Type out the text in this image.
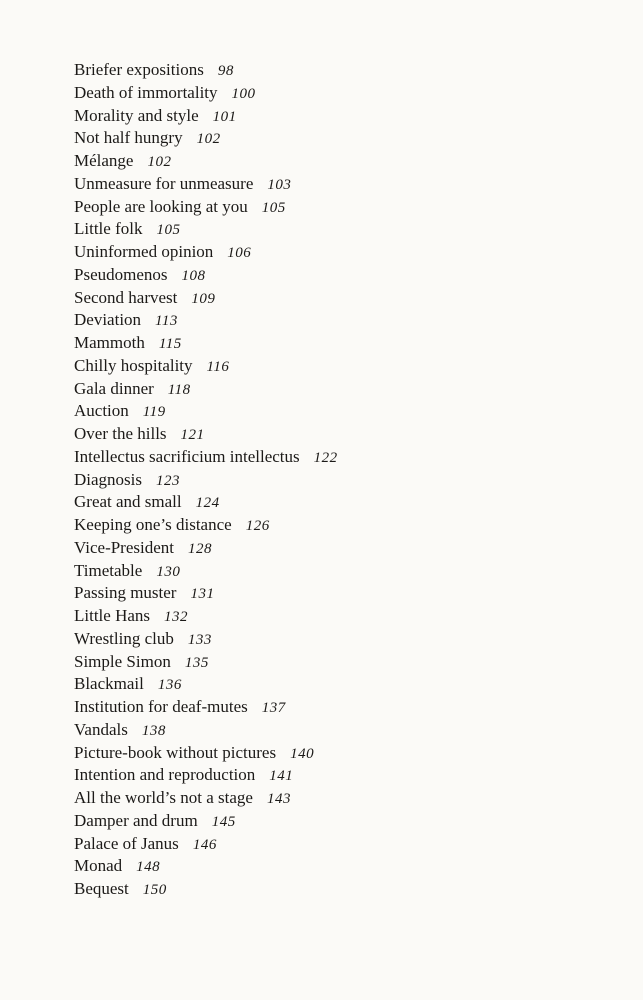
Briefer expositions 98
Death of immortality 100
Morality and style 101
Not half hungry 102
Mélange 102
Unmeasure for unmeasure 103
People are looking at you 105
Little folk 105
Uninformed opinion 106
Pseudomenos 108
Second harvest 109
Deviation 113
Mammoth 115
Chilly hospitality 116
Gala dinner 118
Auction 119
Over the hills 121
Intellectus sacrificium intellectus 122
Diagnosis 123
Great and small 124
Keeping one’s distance 126
Vice-President 128
Timetable 130
Passing muster 131
Little Hans 132
Wrestling club 133
Simple Simon 135
Blackmail 136
Institution for deaf-mutes 137
Vandals 138
Picture-book without pictures 140
Intention and reproduction 141
All the world’s not a stage 143
Damper and drum 145
Palace of Janus 146
Monad 148
Bequest 150
